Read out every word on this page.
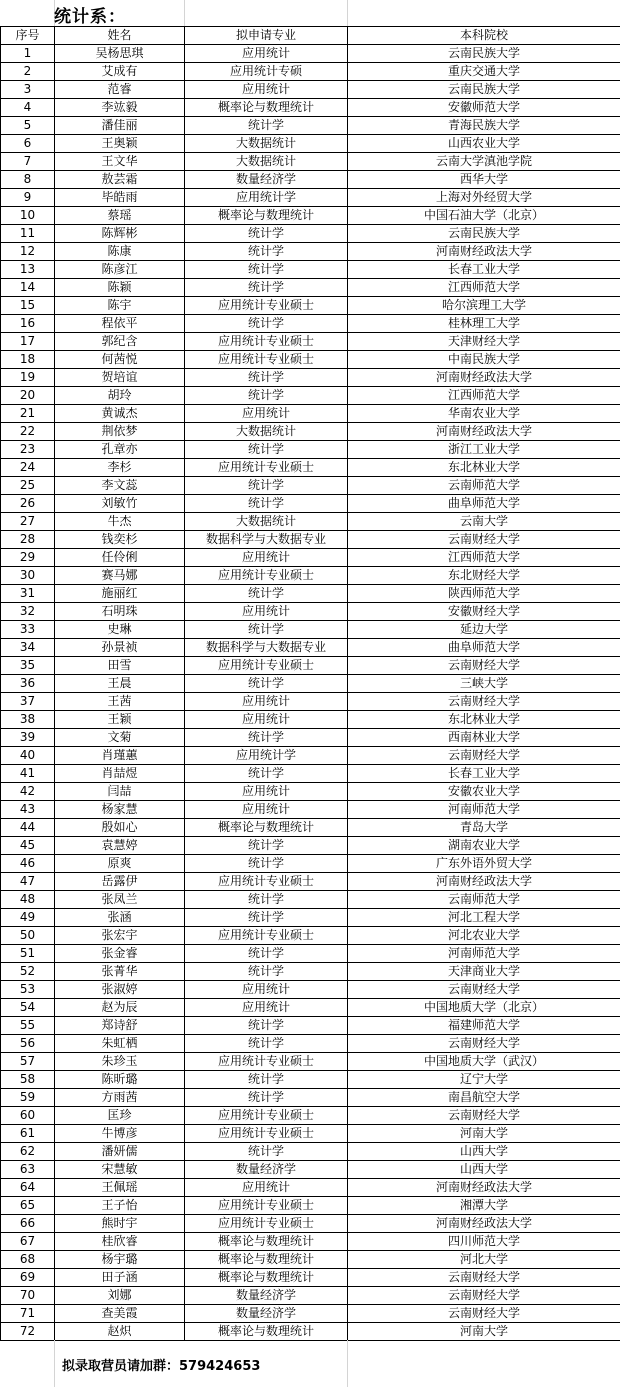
统计系：
序号	姓名	拟申请专业	本科院校
1	吴杨思琪	应用统计	云南民族大学
2	艾成有	应用统计专硕	重庆交通大学
3	范睿	应用统计	云南民族大学
4	李竑毅	概率论与数理统计	安徽师范大学
5	潘佳丽	统计学	青海民族大学
6	王奥颖	大数据统计	山西农业大学
7	王文华	大数据统计	云南大学滇池学院
8	敖芸霜	数量经济学	西华大学
9	毕皓雨	应用统计学	上海对外经贸大学
10	蔡瑶	概率论与数理统计	中国石油大学（北京）
11	陈辉彬	统计学	云南民族大学
12	陈康	统计学	河南财经政法大学
13	陈彦江	统计学	长春工业大学
14	陈颖	统计学	江西师范大学
15	陈宇	应用统计专业硕士	哈尔滨理工大学
16	程依平	统计学	桂林理工大学
17	郭纪含	应用统计专业硕士	天津财经大学
18	何茜悦	应用统计专业硕士	中南民族大学
19	贺培谊	统计学	河南财经政法大学
20	胡玲	统计学	江西师范大学
21	黄诚杰	应用统计	华南农业大学
22	荆依梦	大数据统计	河南财经政法大学
23	孔章亦	统计学	浙江工业大学
24	李杉	应用统计专业硕士	东北林业大学
25	李文蕊	统计学	云南师范大学
26	刘敏竹	统计学	曲阜师范大学
27	牛杰	大数据统计	云南大学
28	钱奕杉	数据科学与大数据专业	云南财经大学
29	任伶俐	应用统计	江西师范大学
30	赛马娜	应用统计专业硕士	东北财经大学
31	施丽红	统计学	陕西师范大学
32	石明珠	应用统计	安徽财经大学
33	史琳	统计学	延边大学
34	孙景祯	数据科学与大数据专业	曲阜师范大学
35	田雪	应用统计专业硕士	云南财经大学
36	王晨	统计学	三峡大学
37	王茜	应用统计	云南财经大学
38	王颖	应用统计	东北林业大学
39	文菊	统计学	西南林业大学
40	肖瑾蕙	应用统计学	云南财经大学
41	肖喆煜	统计学	长春工业大学
42	闫喆	应用统计	安徽农业大学
43	杨家慧	应用统计	河南师范大学
44	殷如心	概率论与数理统计	青岛大学
45	袁慧婷	统计学	湖南农业大学
46	原爽	统计学	广东外语外贸大学
47	岳露伊	应用统计专业硕士	河南财经政法大学
48	张凤兰	统计学	云南师范大学
49	张涵	统计学	河北工程大学
50	张宏宇	应用统计专业硕士	河北农业大学
51	张金睿	统计学	河南师范大学
52	张菁华	统计学	天津商业大学
53	张淑婷	应用统计	云南财经大学
54	赵为辰	应用统计	中国地质大学（北京）
55	郑诗舒	统计学	福建师范大学
56	朱虹栖	统计学	云南财经大学
57	朱珍玉	应用统计专业硕士	中国地质大学（武汉）
58	陈昕璐	统计学	辽宁大学
59	方雨茜	统计学	南昌航空大学
60	匡珍	应用统计专业硕士	云南财经大学
61	牛博彦	应用统计专业硕士	河南大学
62	潘妍儒	统计学	山西大学
63	宋慧敏	数量经济学	山西大学
64	王佩瑶	应用统计	河南财经政法大学
65	王子怡	应用统计专业硕士	湘潭大学
66	熊时宇	应用统计专业硕士	河南财经政法大学
67	桂欣睿	概率论与数理统计	四川师范大学
68	杨宇璐	概率论与数理统计	河北大学
69	田子涵	概率论与数理统计	云南财经大学
70	刘娜	数量经济学	云南财经大学
71	查美霞	数量经济学	云南财经大学
72	赵炽	概率论与数理统计	河南大学
拟录取营员请加群：579424653
